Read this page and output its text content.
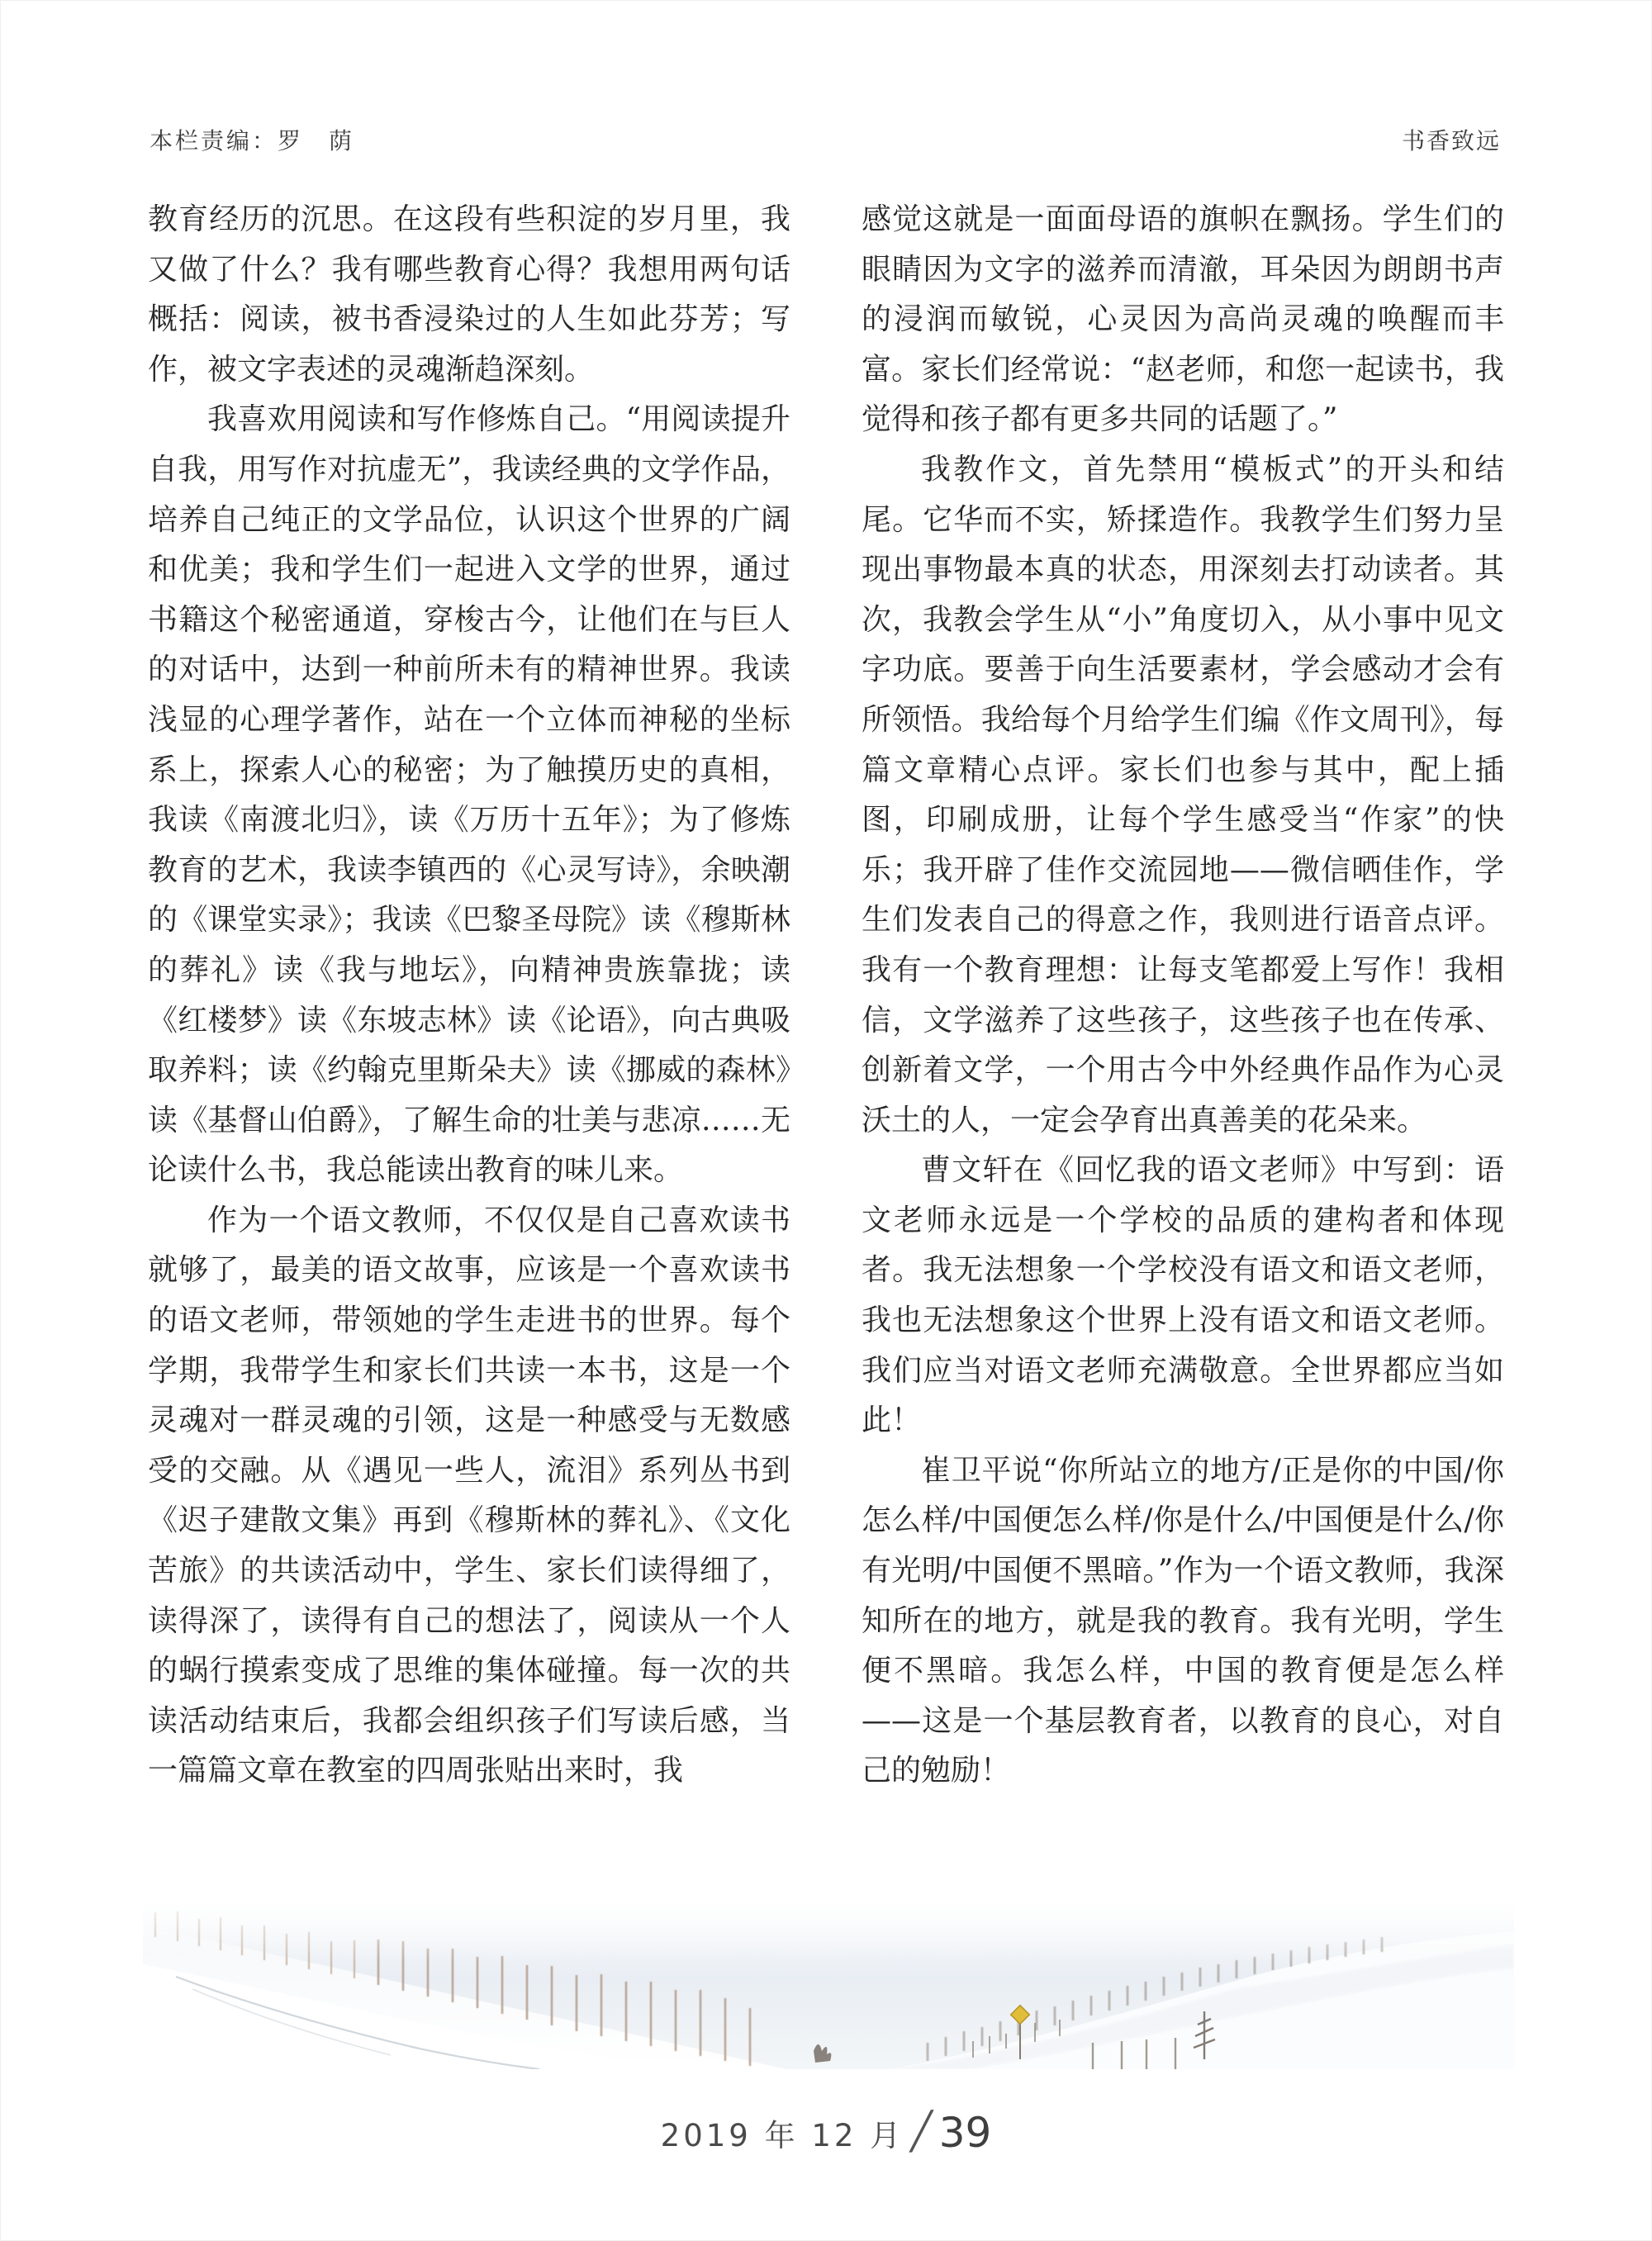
本栏责编：罗　荫	书香致远

教育经历的沉思。在这段有些积淀的岁月里，我又做了什么？我有哪些教育心得？我想用两句话概括：阅读，被书香浸染过的人生如此芬芳；写作，被文字表述的灵魂渐趋深刻。

我喜欢用阅读和写作修炼自己。“用阅读提升自我，用写作对抗虚无”，我读经典的文学作品，培养自己纯正的文学品位，认识这个世界的广阔和优美；我和学生们一起进入文学的世界，通过书籍这个秘密通道，穿梭古今，让他们在与巨人的对话中，达到一种前所未有的精神世界。我读浅显的心理学著作，站在一个立体而神秘的坐标系上，探索人心的秘密；为了触摸历史的真相，我读《南渡北归》，读《万历十五年》；为了修炼教育的艺术，我读李镇西的《心灵写诗》，余映潮的《课堂实录》；我读《巴黎圣母院》读《穆斯林的葬礼》读《我与地坛》，向精神贵族靠拢；读《红楼梦》读《东坡志林》读《论语》，向古典吸取养料；读《约翰克里斯朵夫》读《挪威的森林》读《基督山伯爵》，了解生命的壮美与悲凉……无论读什么书，我总能读出教育的味儿来。

作为一个语文教师，不仅仅是自己喜欢读书就够了，最美的语文故事，应该是一个喜欢读书的语文老师，带领她的学生走进书的世界。每个学期，我带学生和家长们共读一本书，这是一个灵魂对一群灵魂的引领，这是一种感受与无数感受的交融。从《遇见一些人，流泪》系列丛书到《迟子建散文集》再到《穆斯林的葬礼》、《文化苦旅》的共读活动中，学生、家长们读得细了，读得深了，读得有自己的想法了，阅读从一个人的蜗行摸索变成了思维的集体碰撞。每一次的共读活动结束后，我都会组织孩子们写读后感，当一篇篇文章在教室的四周张贴出来时，我

感觉这就是一面面母语的旗帜在飘扬。学生们的眼睛因为文字的滋养而清澈，耳朵因为朗朗书声的浸润而敏锐，心灵因为高尚灵魂的唤醒而丰富。家长们经常说：“赵老师，和您一起读书，我觉得和孩子都有更多共同的话题了。”

我教作文，首先禁用“模板式”的开头和结尾。它华而不实，矫揉造作。我教学生们努力呈现出事物最本真的状态，用深刻去打动读者。其次，我教会学生从“小”角度切入，从小事中见文字功底。要善于向生活要素材，学会感动才会有所领悟。我给每个月给学生们编《作文周刊》，每篇文章精心点评。家长们也参与其中，配上插图，印刷成册，让每个学生感受当“作家”的快乐；我开辟了佳作交流园地——微信晒佳作，学生们发表自己的得意之作，我则进行语音点评。我有一个教育理想：让每支笔都爱上写作！我相信，文学滋养了这些孩子，这些孩子也在传承、创新着文学，一个用古今中外经典作品作为心灵沃土的人，一定会孕育出真善美的花朵来。

曹文轩在《回忆我的语文老师》中写到：语文老师永远是一个学校的品质的建构者和体现者。我无法想象一个学校没有语文和语文老师，我也无法想象这个世界上没有语文和语文老师。我们应当对语文老师充满敬意。全世界都应当如此！

崔卫平说“你所站立的地方/正是你的中国/你怎么样/中国便怎么样/你是什么/中国便是什么/你有光明/中国便不黑暗。”作为一个语文教师，我深知所在的地方，就是我的教育。我有光明，学生便不黑暗。我怎么样，中国的教育便是怎么样——这是一个基层教育者，以教育的良心，对自己的勉励！

2019 年 12 月 ╱ 39
